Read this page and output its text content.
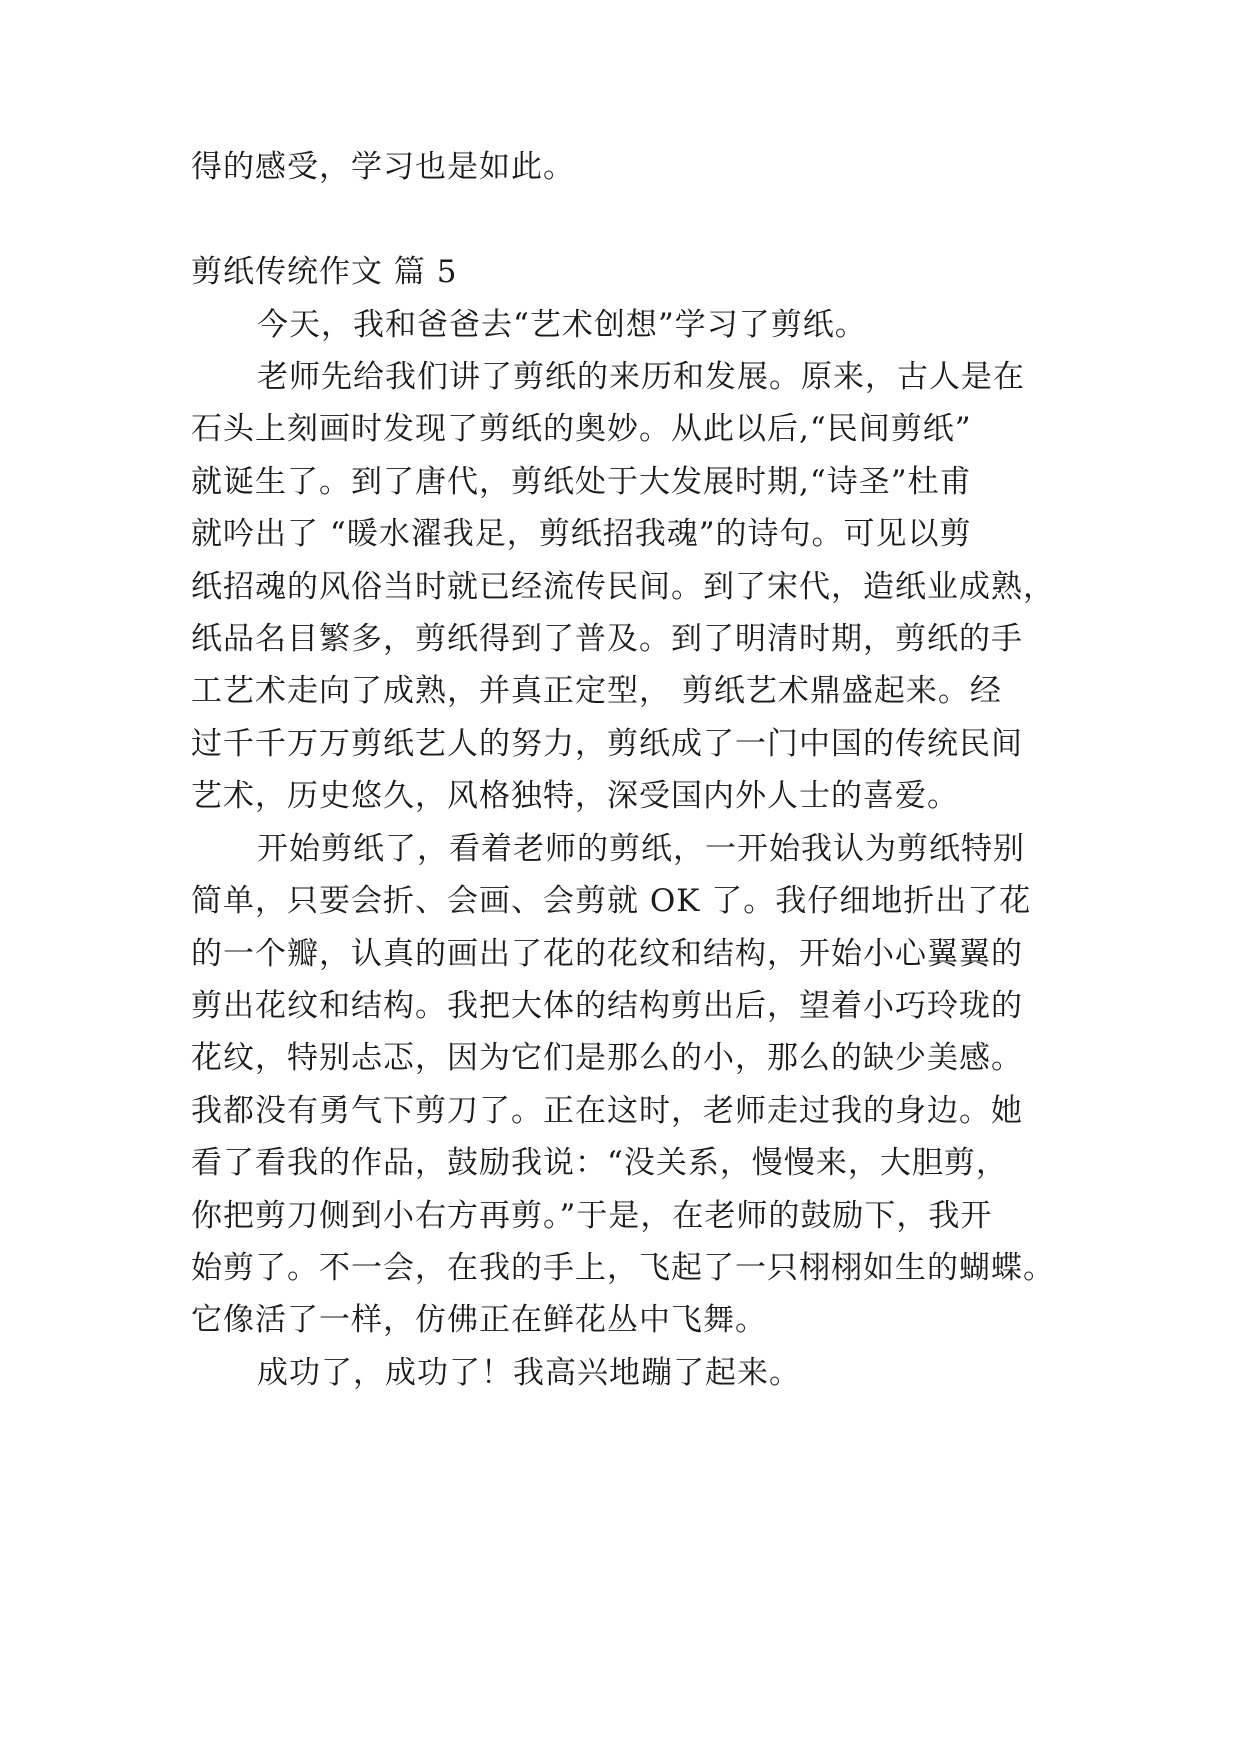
得的感受，学习也是如此。
剪纸传统作文 篇 5
今天，我和爸爸去“艺术创想”学习了剪纸。
老师先给我们讲了剪纸的来历和发展。原来，古人是在
石头上刻画时发现了剪纸的奥妙。从此以后,“民间剪纸”
就诞生了。到了唐代，剪纸处于大发展时期,“诗圣”杜甫
就吟出了 “暖水濯我足，剪纸招我魂”的诗句。可见以剪
纸招魂的风俗当时就已经流传民间。到了宋代，造纸业成熟，
纸品名目繁多，剪纸得到了普及。到了明清时期，剪纸的手
工艺术走向了成熟，并真正定型， 剪纸艺术鼎盛起来。经
过千千万万剪纸艺人的努力，剪纸成了一门中国的传统民间
艺术，历史悠久，风格独特，深受国内外人士的喜爱。
开始剪纸了，看着老师的剪纸，一开始我认为剪纸特别
简单，只要会折、会画、会剪就 OK 了。我仔细地折出了花
的一个瓣，认真的画出了花的花纹和结构，开始小心翼翼的
剪出花纹和结构。我把大体的结构剪出后，望着小巧玲珑的
花纹，特别忐忑，因为它们是那么的小，那么的缺少美感。
我都没有勇气下剪刀了。正在这时，老师走过我的身边。她
看了看我的作品，鼓励我说：“没关系，慢慢来，大胆剪，
你把剪刀侧到小右方再剪。”于是，在老师的鼓励下，我开
始剪了。不一会，在我的手上，飞起了一只栩栩如生的蝴蝶。
它像活了一样，仿佛正在鲜花丛中飞舞。
成功了，成功了！我高兴地蹦了起来。
